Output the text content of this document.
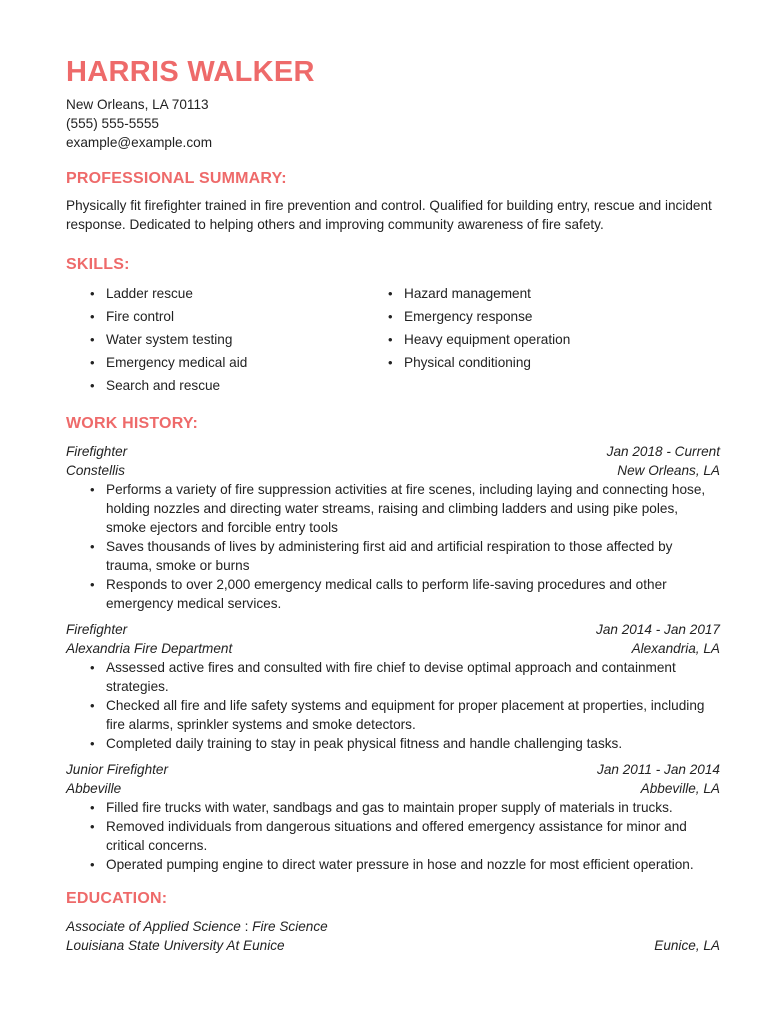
HARRIS WALKER
New Orleans, LA 70113
(555) 555-5555
example@example.com
PROFESSIONAL SUMMARY:
Physically fit firefighter trained in fire prevention and control. Qualified for building entry, rescue and incident response. Dedicated to helping others and improving community awareness of fire safety.
SKILLS:
• Ladder rescue	• Hazard management
• Fire control	• Emergency response
• Water system testing	• Heavy equipment operation
• Emergency medical aid	• Physical conditioning
• Search and rescue
WORK HISTORY:
Firefighter	Jan 2018 - Current
Constellis	New Orleans, LA
• Performs a variety of fire suppression activities at fire scenes, including laying and connecting hose, holding nozzles and directing water streams, raising and climbing ladders and using pike poles, smoke ejectors and forcible entry tools
• Saves thousands of lives by administering first aid and artificial respiration to those affected by trauma, smoke or burns
• Responds to over 2,000 emergency medical calls to perform life-saving procedures and other emergency medical services.
Firefighter	Jan 2014 - Jan 2017
Alexandria Fire Department	Alexandria, LA
• Assessed active fires and consulted with fire chief to devise optimal approach and containment strategies.
• Checked all fire and life safety systems and equipment for proper placement at properties, including fire alarms, sprinkler systems and smoke detectors.
• Completed daily training to stay in peak physical fitness and handle challenging tasks.
Junior Firefighter	Jan 2011 - Jan 2014
Abbeville	Abbeville, LA
• Filled fire trucks with water, sandbags and gas to maintain proper supply of materials in trucks.
• Removed individuals from dangerous situations and offered emergency assistance for minor and critical concerns.
• Operated pumping engine to direct water pressure in hose and nozzle for most efficient operation.
EDUCATION:
Associate of Applied Science : Fire Science
Louisiana State University At Eunice	Eunice, LA
